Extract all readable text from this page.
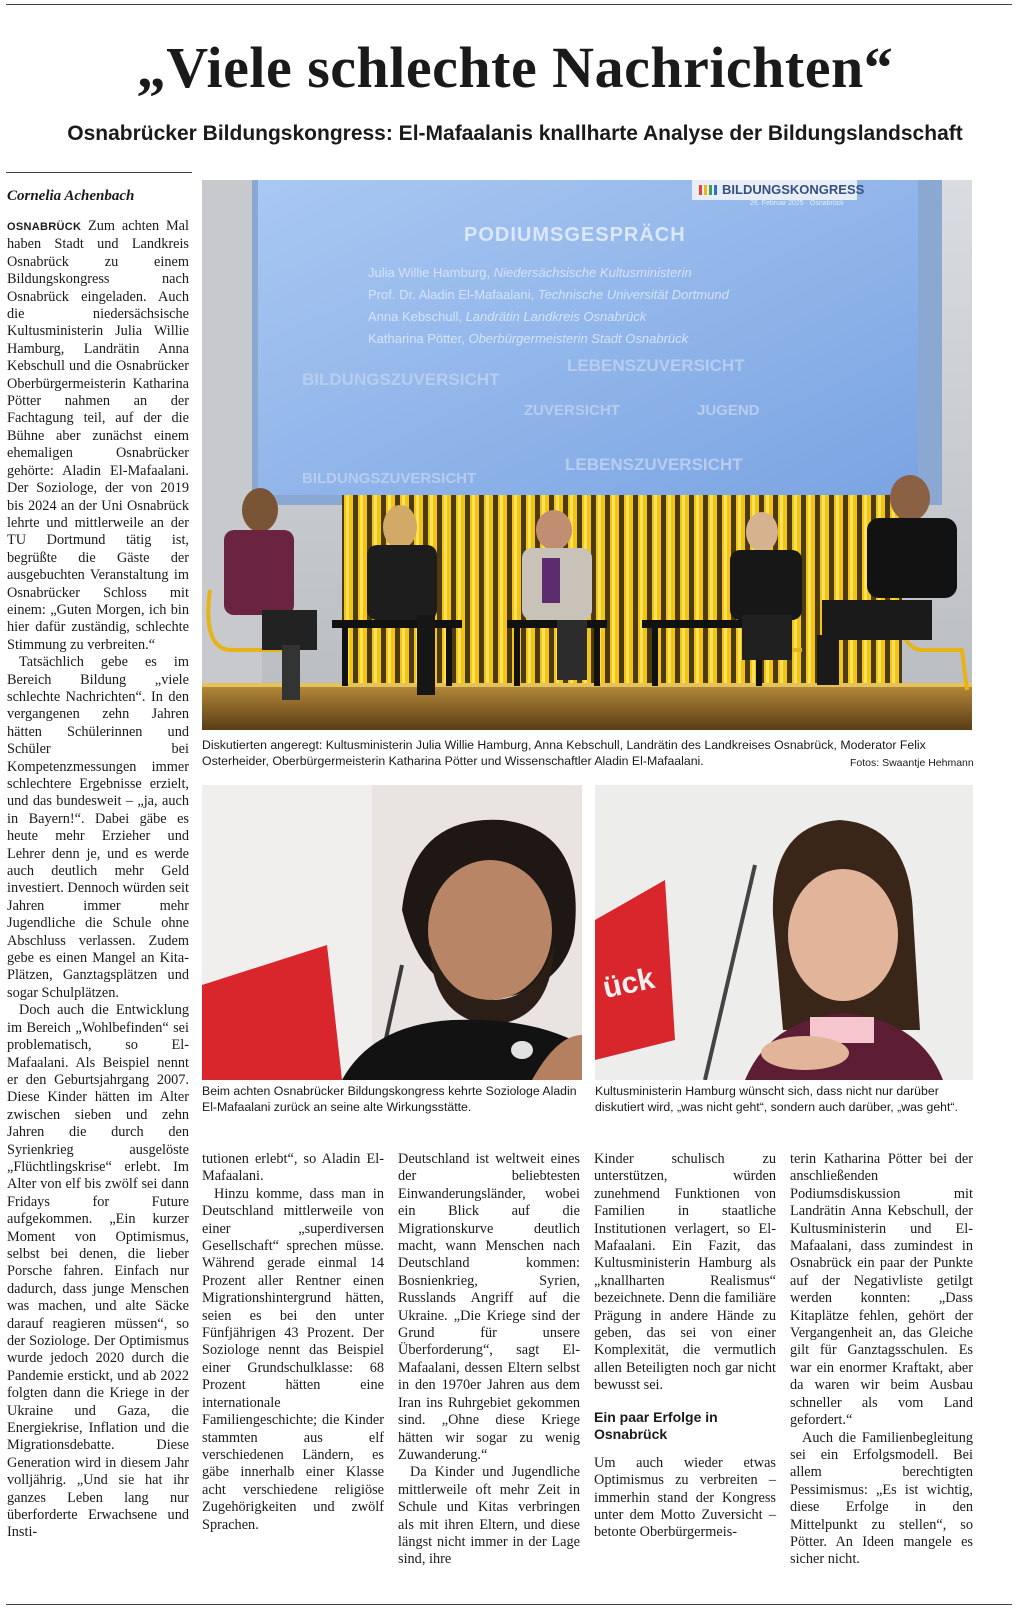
„Viele schlechte Nachrichten“
Osnabrücker Bildungskongress: El-Mafaalanis knallharte Analyse der Bildungslandschaft
Cornelia Achenbach

OSNABRÜCK Zum achten Mal haben Stadt und Landkreis Osnabrück zu einem Bildungskongress nach Osnabrück eingeladen. Auch die niedersächsische Kultusministerin Julia Willie Hamburg, Landrätin Anna Kebschull und die Osnabrücker Oberbürgermeisterin Katharina Pötter nahmen an der Fachtagung teil, auf der die Bühne aber zunächst einem ehemaligen Osnabrücker gehörte: Aladin El-Mafaalani. Der Soziologe, der von 2019 bis 2024 an der Uni Osnabrück lehrte und mittlerweile an der TU Dortmund tätig ist, begrüßte die Gäste der ausgebuchten Veranstaltung im Osnabrücker Schloss mit einem: „Guten Morgen, ich bin hier dafür zuständig, schlechte Stimmung zu verbreiten.“

Tatsächlich gebe es im Bereich Bildung „viele schlechte Nachrichten“. In den vergangenen zehn Jahren hätten Schülerinnen und Schüler bei Kompetenzmessungen immer schlechtere Ergebnisse erzielt, und das bundesweit – „ja, auch in Bayern!“. Dabei gäbe es heute mehr Erzieher und Lehrer denn je, und es werde auch deutlich mehr Geld investiert. Dennoch würden seit Jahren immer mehr Jugendliche die Schule ohne Abschluss verlassen. Zudem gebe es einen Mangel an Kita-Plätzen, Ganztagsplätzen und sogar Schulplätzen.

Doch auch die Entwicklung im Bereich „Wohlbefinden“ sei problematisch, so El-Mafaalani. Als Beispiel nennt er den Geburtsjahrgang 2007. Diese Kinder hätten im Alter zwischen sieben und zehn Jahren die durch den Syrienkrieg ausgelöste „Flüchtlingskrise“ erlebt. Im Alter von elf bis zwölf sei dann Fridays for Future aufgekommen. „Ein kurzer Moment von Optimismus, selbst bei denen, die lieber Porsche fahren. Einfach nur dadurch, dass junge Menschen was machen, und alte Säcke darauf reagieren müssen“, so der Soziologe. Der Optimismus wurde jedoch 2020 durch die Pandemie erstickt, und ab 2022 folgten dann die Kriege in der Ukraine und Gaza, die Energiekrise, Inflation und die Migrationsdebatte. Diese Generation wird in diesem Jahr volljährig. „Und sie hat ihr ganzes Leben lang nur überforderte Erwachsene und Insti-

BILDUNGSKONGRESS
26. Februar 2025 · Osnabrück
PODIUMSGESPRÄCH
Julia Willie Hamburg, Niedersächsische Kultusministerin
Prof. Dr. Aladin El-Mafaalani, Technische Universität Dortmund
Anna Kebschull, Landrätin Landkreis Osnabrück
Katharina Pötter, Oberbürgermeisterin Stadt Osnabrück
BILDUNGSZUVERSICHT
LEBENSZUVERSICHT
ZUVERSICHT	JUGEND
LEBENSZUVERSICHT
BILDUNGSZUVERSICHT
Diskutierten angeregt: Kultusministerin Julia Willie Hamburg, Anna Kebschull, Landrätin des Landkreises Osnabrück, Moderator Felix Osterheider, Oberbürgermeisterin Katharina Pötter und Wissenschaftler Aladin El-Mafaalani.	Fotos: Swaantje Hehmann
ück
Beim achten Osnabrücker Bildungskongress kehrte Soziologe Aladin El-Mafaalani zurück an seine alte Wirkungsstätte.
Kultusministerin Hamburg wünscht sich, dass nicht nur darüber diskutiert wird, „was nicht geht“, sondern auch darüber, „was geht“.

tutionen erlebt“, so Aladin El-Mafaalani.

Hinzu komme, dass man in Deutschland mittlerweile von einer „superdiversen Gesellschaft“ sprechen müsse. Während gerade einmal 14 Prozent aller Rentner einen Migrationshintergrund hätten, seien es bei den unter Fünfjährigen 43 Prozent. Der Soziologe nennt das Beispiel einer Grundschulklasse: 68 Prozent hätten eine internationale Familiengeschichte; die Kinder stammten aus elf verschiedenen Ländern, es gäbe innerhalb einer Klasse acht verschiedene religiöse Zugehörigkeiten und zwölf Sprachen.

Deutschland ist weltweit eines der beliebtesten Einwanderungsländer, wobei ein Blick auf die Migrationskurve deutlich macht, wann Menschen nach Deutschland kommen: Bosnienkrieg, Syrien, Russlands Angriff auf die Ukraine. „Die Kriege sind der Grund für unsere Überforderung“, sagt El-Mafaalani, dessen Eltern selbst in den 1970er Jahren aus dem Iran ins Ruhrgebiet gekommen sind. „Ohne diese Kriege hätten wir sogar zu wenig Zuwanderung.“

Da Kinder und Jugendliche mittlerweile oft mehr Zeit in Schule und Kitas verbringen als mit ihren Eltern, und diese längst nicht immer in der Lage sind, ihre

Kinder schulisch zu unterstützen, würden zunehmend Funktionen von Familien in staatliche Institutionen verlagert, so El-Mafaalani. Ein Fazit, das Kultusministerin Hamburg als „knallharten Realismus“ bezeichnete. Denn die familiäre Prägung in andere Hände zu geben, das sei von einer Komplexität, die vermutlich allen Beteiligten noch gar nicht bewusst sei.

Ein paar Erfolge in Osnabrück

Um auch wieder etwas Optimismus zu verbreiten – immerhin stand der Kongress unter dem Motto Zuversicht – betonte Oberbürgermeis-

terin Katharina Pötter bei der anschließenden Podiumsdiskussion mit Landrätin Anna Kebschull, der Kultusministerin und El-Mafaalani, dass zumindest in Osnabrück ein paar der Punkte auf der Negativliste getilgt werden konnten: „Dass Kitaplätze fehlen, gehört der Vergangenheit an, das Gleiche gilt für Ganztagsschulen. Es war ein enormer Kraftakt, aber da waren wir beim Ausbau schneller als vom Land gefordert.“

Auch die Familienbegleitung sei ein Erfolgsmodell. Bei allem berechtigten Pessimismus: „Es ist wichtig, diese Erfolge in den Mittelpunkt zu stellen“, so Pötter. An Ideen mangele es sicher nicht.
